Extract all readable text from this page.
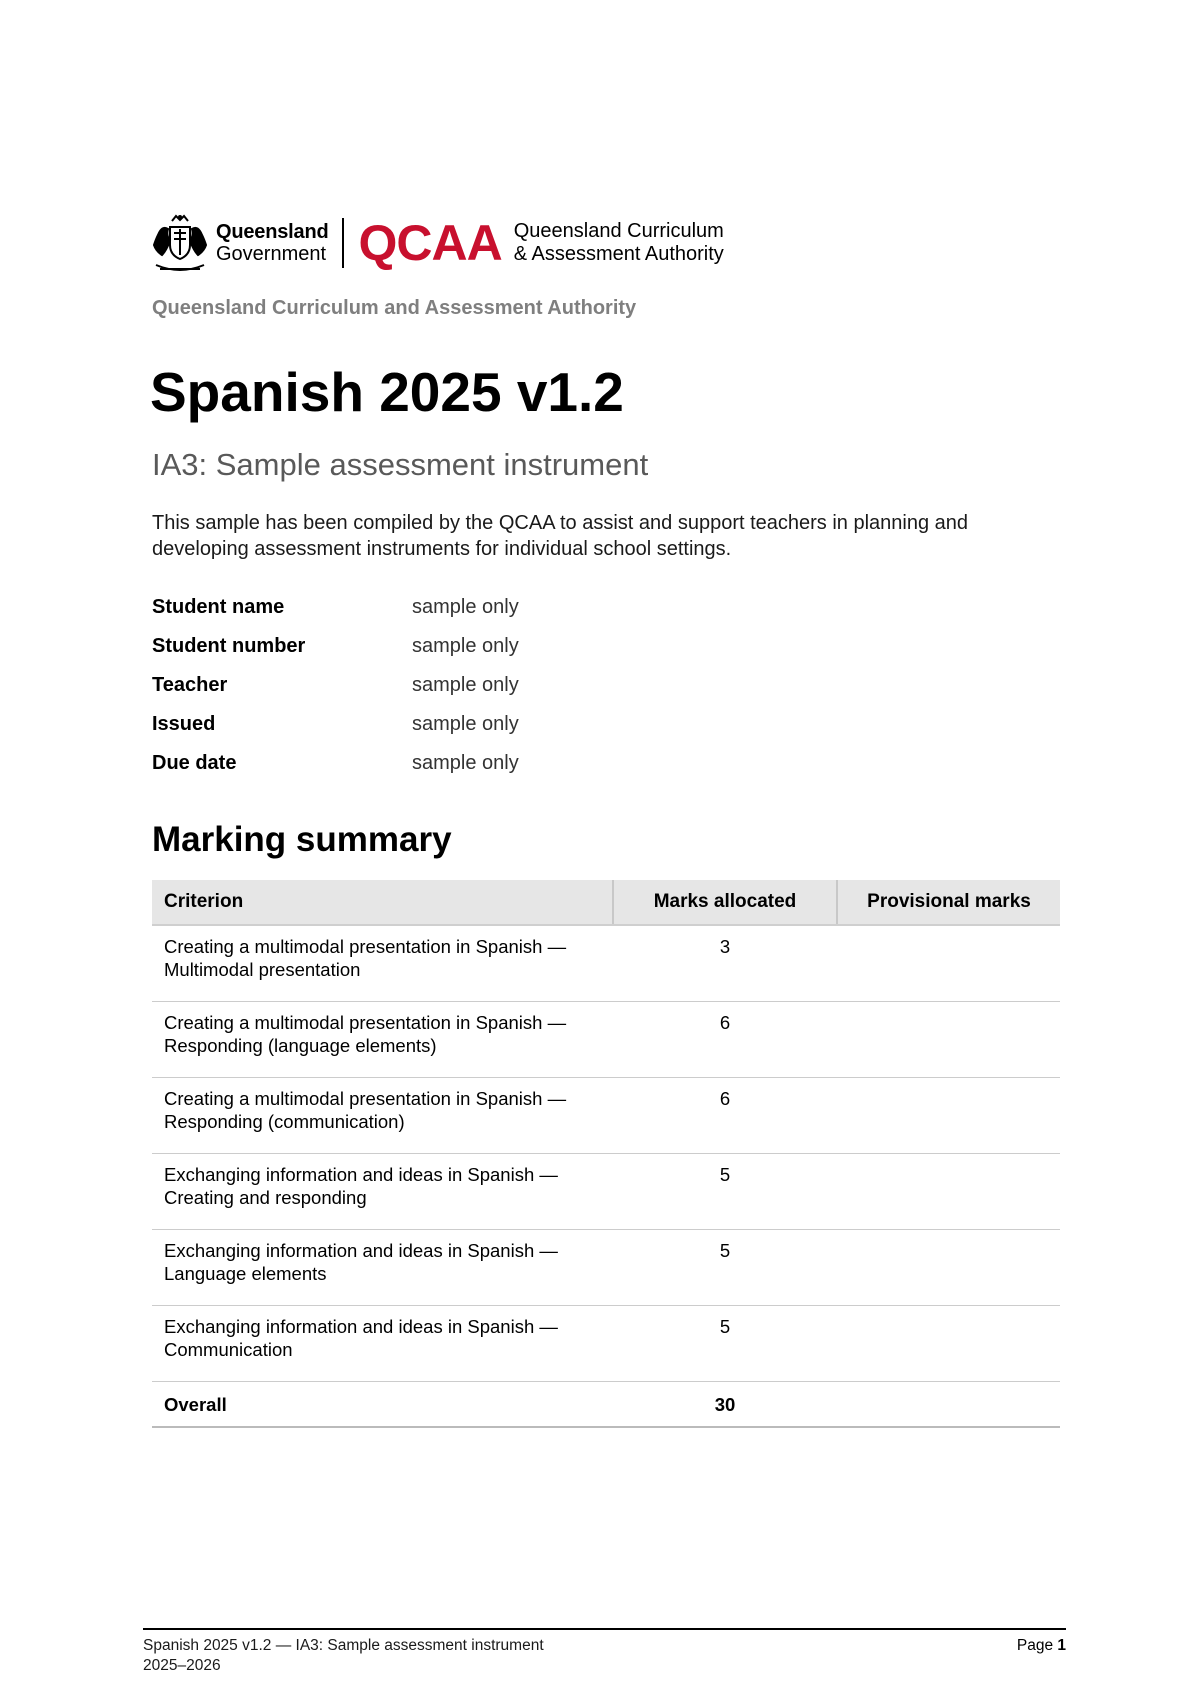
Queensland
Government QCAA Queensland Curriculum
& Assessment Authority
Queensland Curriculum and Assessment Authority
Spanish 2025 v1.2
IA3: Sample assessment instrument
This sample has been compiled by the QCAA to assist and support teachers in planning and developing assessment instruments for individual school settings.
Student name	sample only
Student number	sample only
Teacher	sample only
Issued	sample only
Due date	sample only
Marking summary
Criterion	Marks allocated	Provisional marks

Creating a multimodal presentation in Spanish —
Multimodal presentation	3	

Creating a multimodal presentation in Spanish —
Responding (language elements)	6	

Creating a multimodal presentation in Spanish —
Responding (communication)	6	

Exchanging information and ideas in Spanish —
Creating and responding	5	

Exchanging information and ideas in Spanish —
Language elements	5	

Exchanging information and ideas in Spanish —
Communication	5	
Overall	30	
Spanish 2025 v1.2 — IA3: Sample assessment instrument
2025–2026
Page 1
